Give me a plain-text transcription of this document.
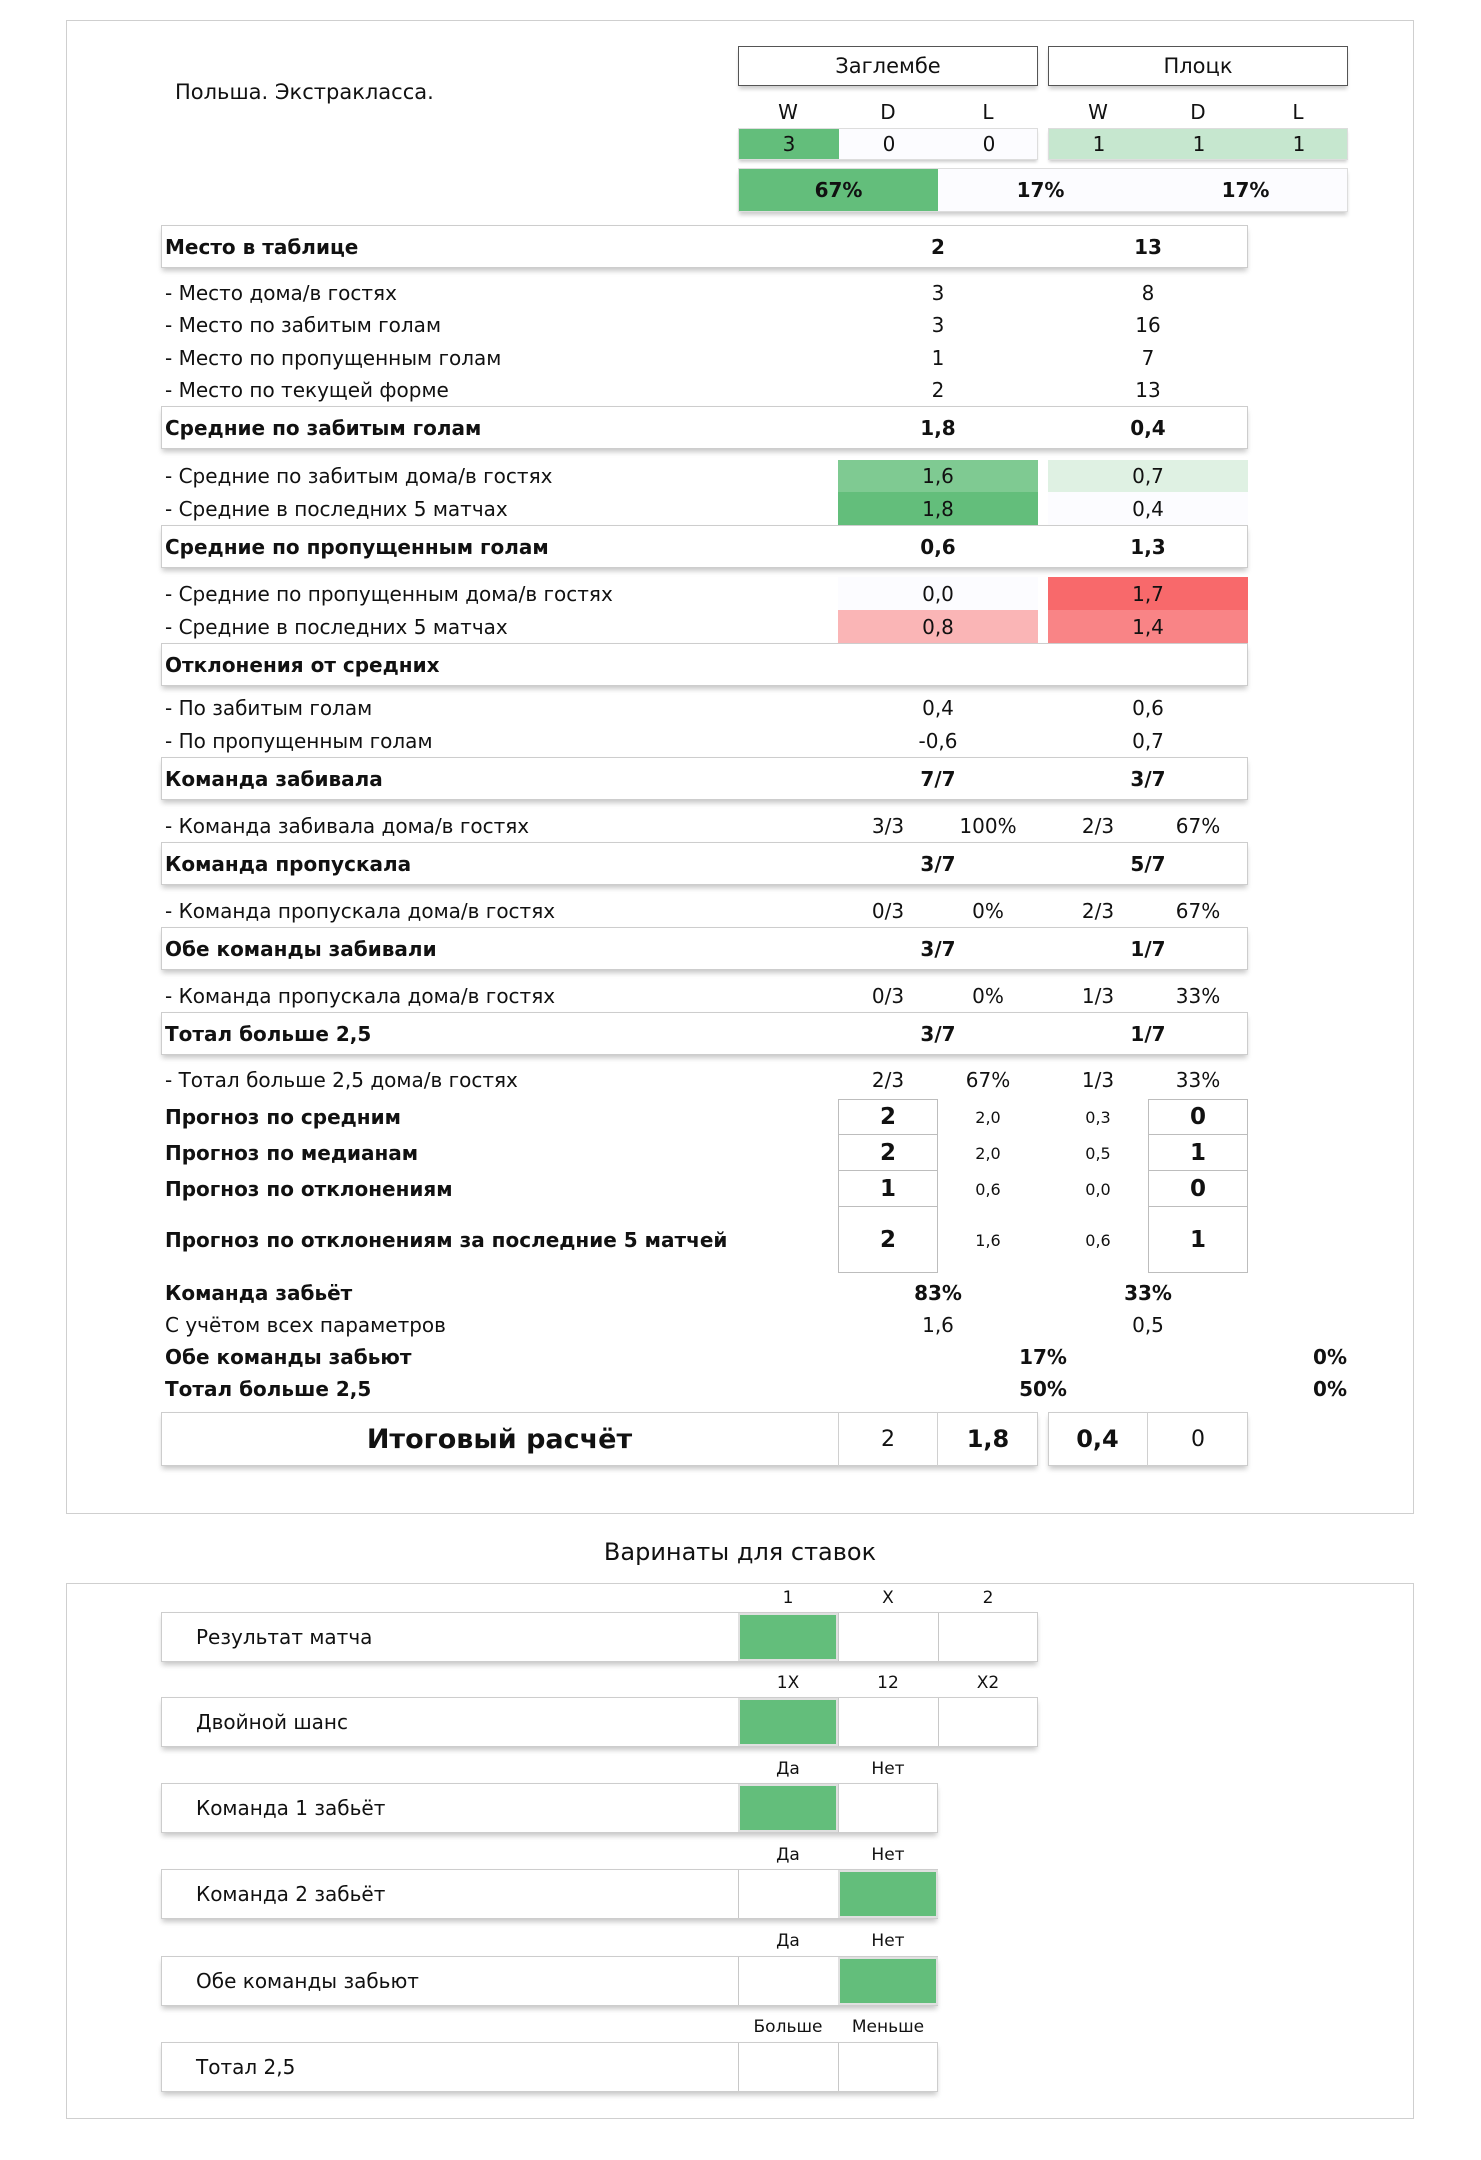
Польша. Экстракласса.
Заглембе	Плоцк
W	D	L	W	D	L
3	0	0	1	1	1
67%	17%	17%
Место в таблице	2	13
- Место дома/в гостях	3	8
- Место по забитым голам	3	16
- Место по пропущенным голам	1	7
- Место по текущей форме	2	13
Средние по забитым голам	1,8	0,4
- Средние по забитым дома/в гостях	1,6	0,7
- Средние в последних 5 матчах	1,8	0,4
Средние по пропущенным голам	0,6	1,3
- Средние по пропущенным дома/в гостях	0,0	1,7
- Средние в последних 5 матчах	0,8	1,4
Отклонения от средних
- По забитым голам	0,4	0,6
- По пропущенным голам	-0,6	0,7
Команда забивала	7/7	3/7
- Команда забивала дома/в гостях	3/3	100%	2/3	67%
Команда пропускала	3/7	5/7
- Команда пропускала дома/в гостях	0/3	0%	2/3	67%
Обе команды забивали	3/7	1/7
- Команда пропускала дома/в гостях	0/3	0%	1/3	33%
Тотал больше 2,5	3/7	1/7
- Тотал больше 2,5 дома/в гостях	2/3	67%	1/3	33%
Прогноз по средним	2	2,0	0,3	0
Прогноз по медианам	2	2,0	0,5	1
Прогноз по отклонениям	1	0,6	0,0	0
Прогноз по отклонениям за последние 5 матчей	2	1,6	0,6	1
Команда забьёт	83%	33%
С учётом всех параметров	1,6	0,5
Обе команды забьют	17%	0%
Тотал больше 2,5	50%	0%
Итоговый расчёт	2	1,8	0,4	0
Варинаты для ставок
1	X	2
Результат матча
1X	12	X2
Двойной шанс
Да	Нет
Команда 1 забьёт
Да	Нет
Команда 2 забьёт
Да	Нет
Обе команды забьют
Больше	Меньше
Тотал 2,5
